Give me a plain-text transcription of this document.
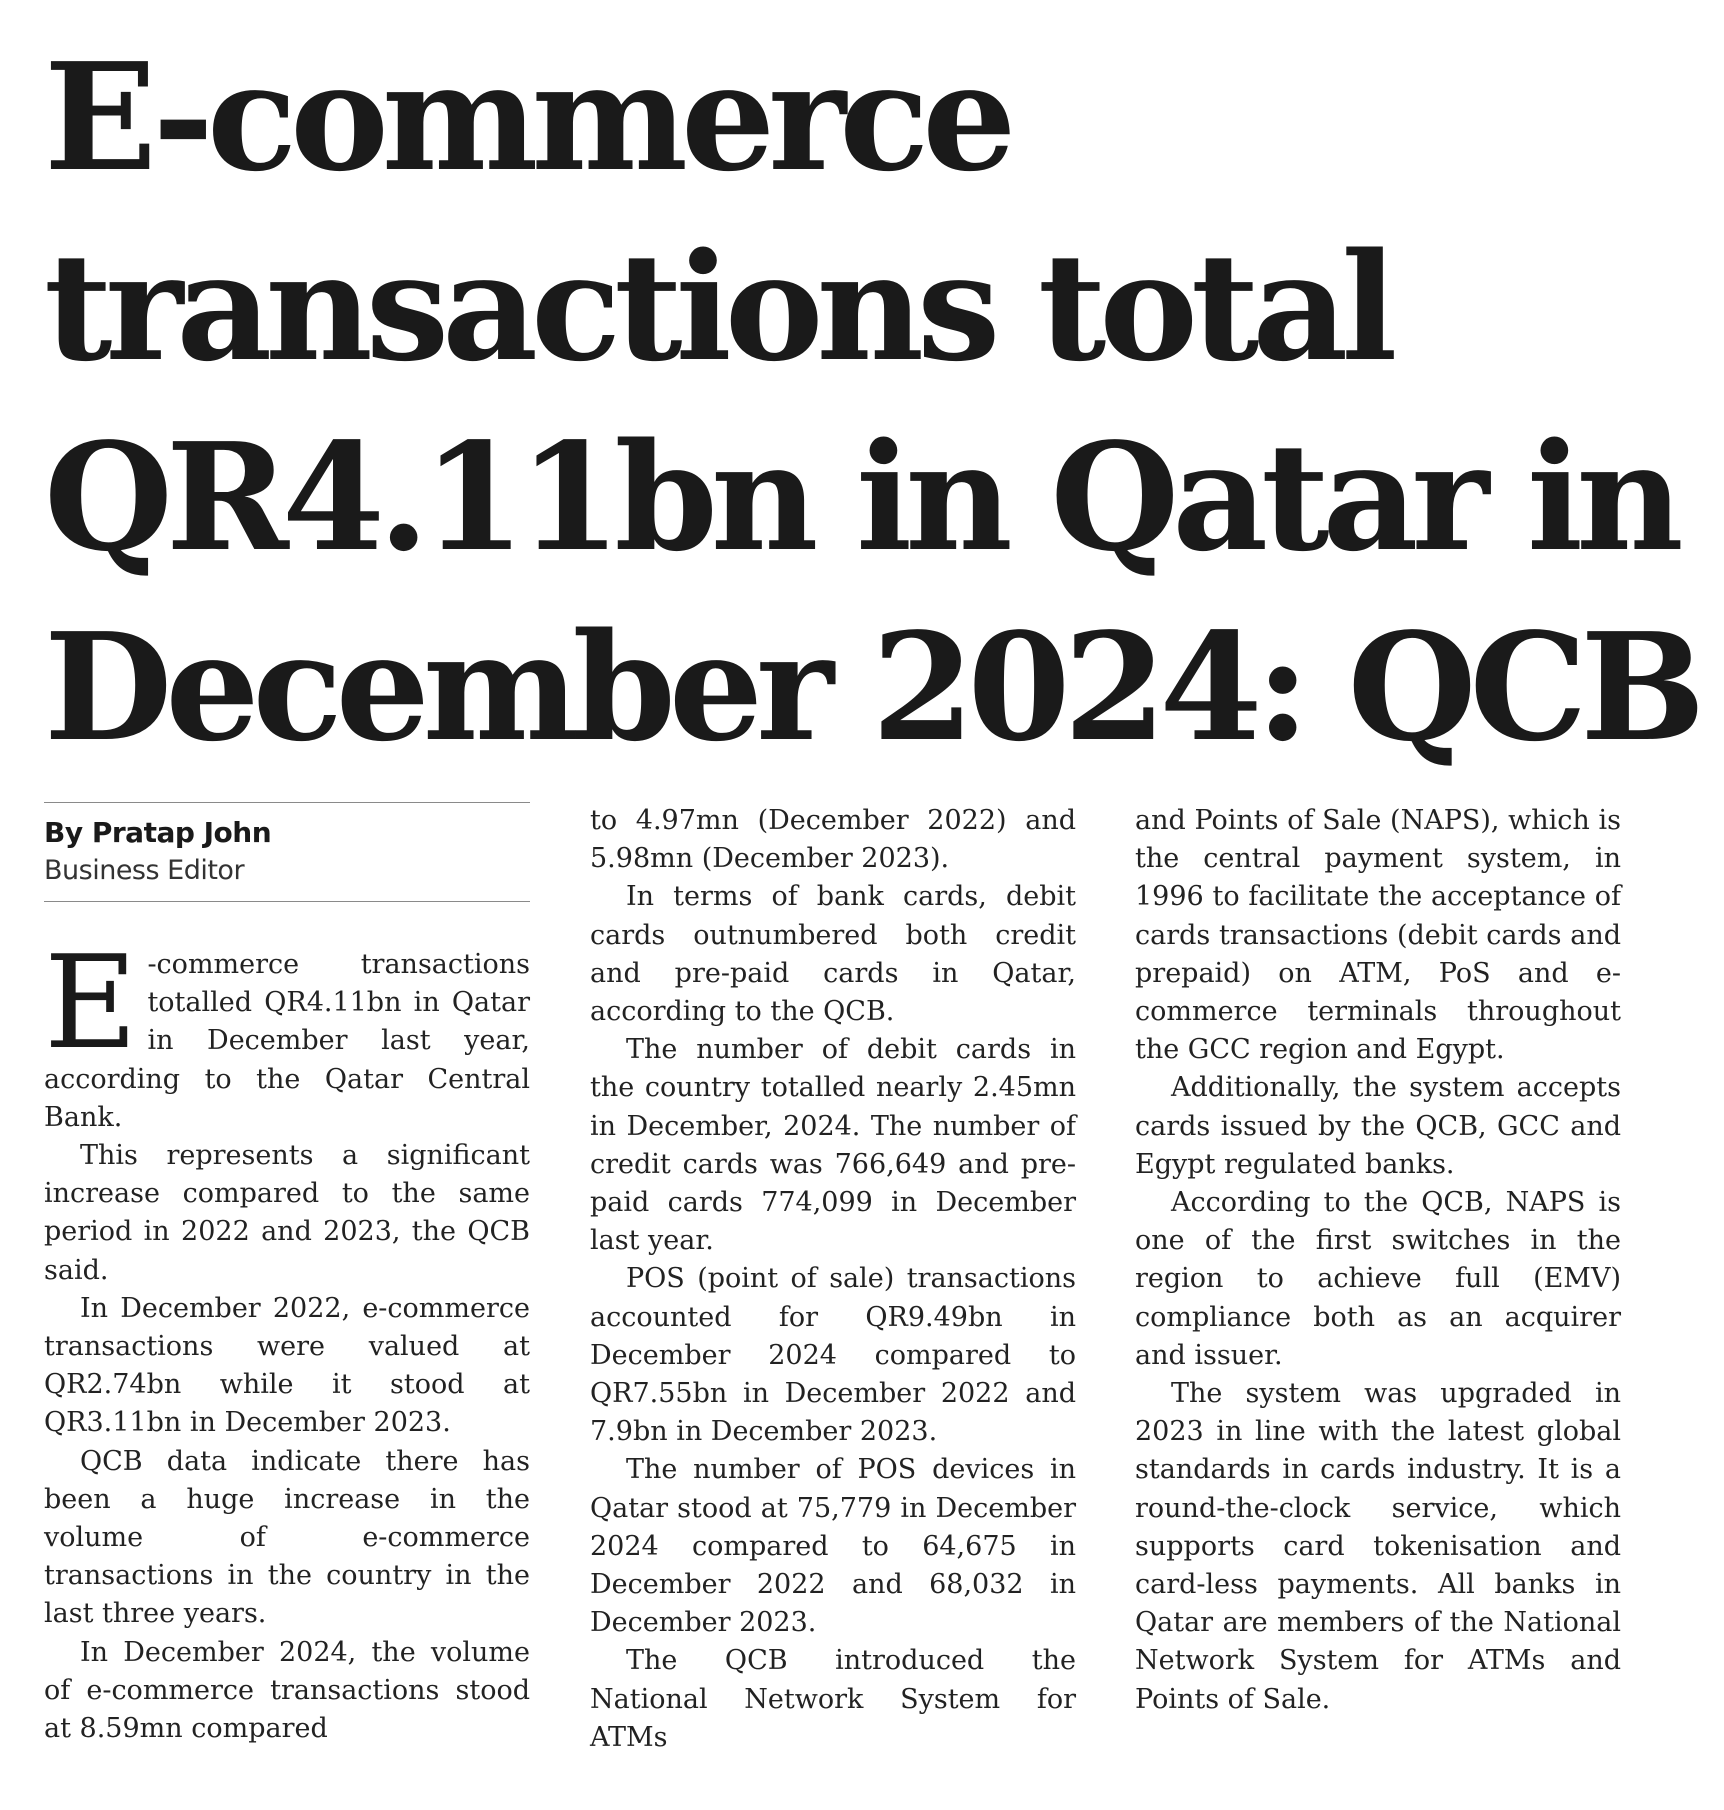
E-commerce
transactions total
QR4.11bn in Qatar in
December 2024: QCB
By Pratap John
Business Editor

E -commerce transactions totalled QR4.11bn in Qatar in December last year, according to the Qatar Central Bank.

This represents a significant increase compared to the same period in 2022 and 2023, the QCB said.

In December 2022, e-commerce transactions were valued at QR2.74bn while it stood at QR3.11bn in December 2023.

QCB data indicate there has been a huge increase in the volume of e-commerce transactions in the country in the last three years.

In December 2024, the volume of e-commerce transactions stood at 8.59mn compared

to 4.97mn (December 2022) and 5.98mn (December 2023).

In terms of bank cards, debit cards outnumbered both credit and pre-paid cards in Qatar, according to the QCB.

The number of debit cards in the country totalled nearly 2.45mn in December, 2024. The number of credit cards was 766,649 and pre-paid cards 774,099 in December last year.

POS (point of sale) transactions accounted for QR9.49bn in December 2024 compared to QR7.55bn in December 2022 and 7.9bn in December 2023.

The number of POS devices in Qatar stood at 75,779 in December 2024 compared to 64,675 in December 2022 and 68,032 in December 2023.

The QCB introduced the National Network System for ATMs

and Points of Sale (NAPS), which is the central payment system, in 1996 to facilitate the acceptance of cards transactions (debit cards and prepaid) on ATM, PoS and e-commerce terminals throughout the GCC region and Egypt.

Additionally, the system accepts cards issued by the QCB, GCC and Egypt regulated banks.

According to the QCB, NAPS is one of the first switches in the region to achieve full (EMV) compliance both as an acquirer and issuer.

The system was upgraded in 2023 in line with the latest global standards in cards industry. It is a round-the-clock service, which supports card tokenisation and card-less payments. All banks in Qatar are members of the National Network System for ATMs and Points of Sale.
